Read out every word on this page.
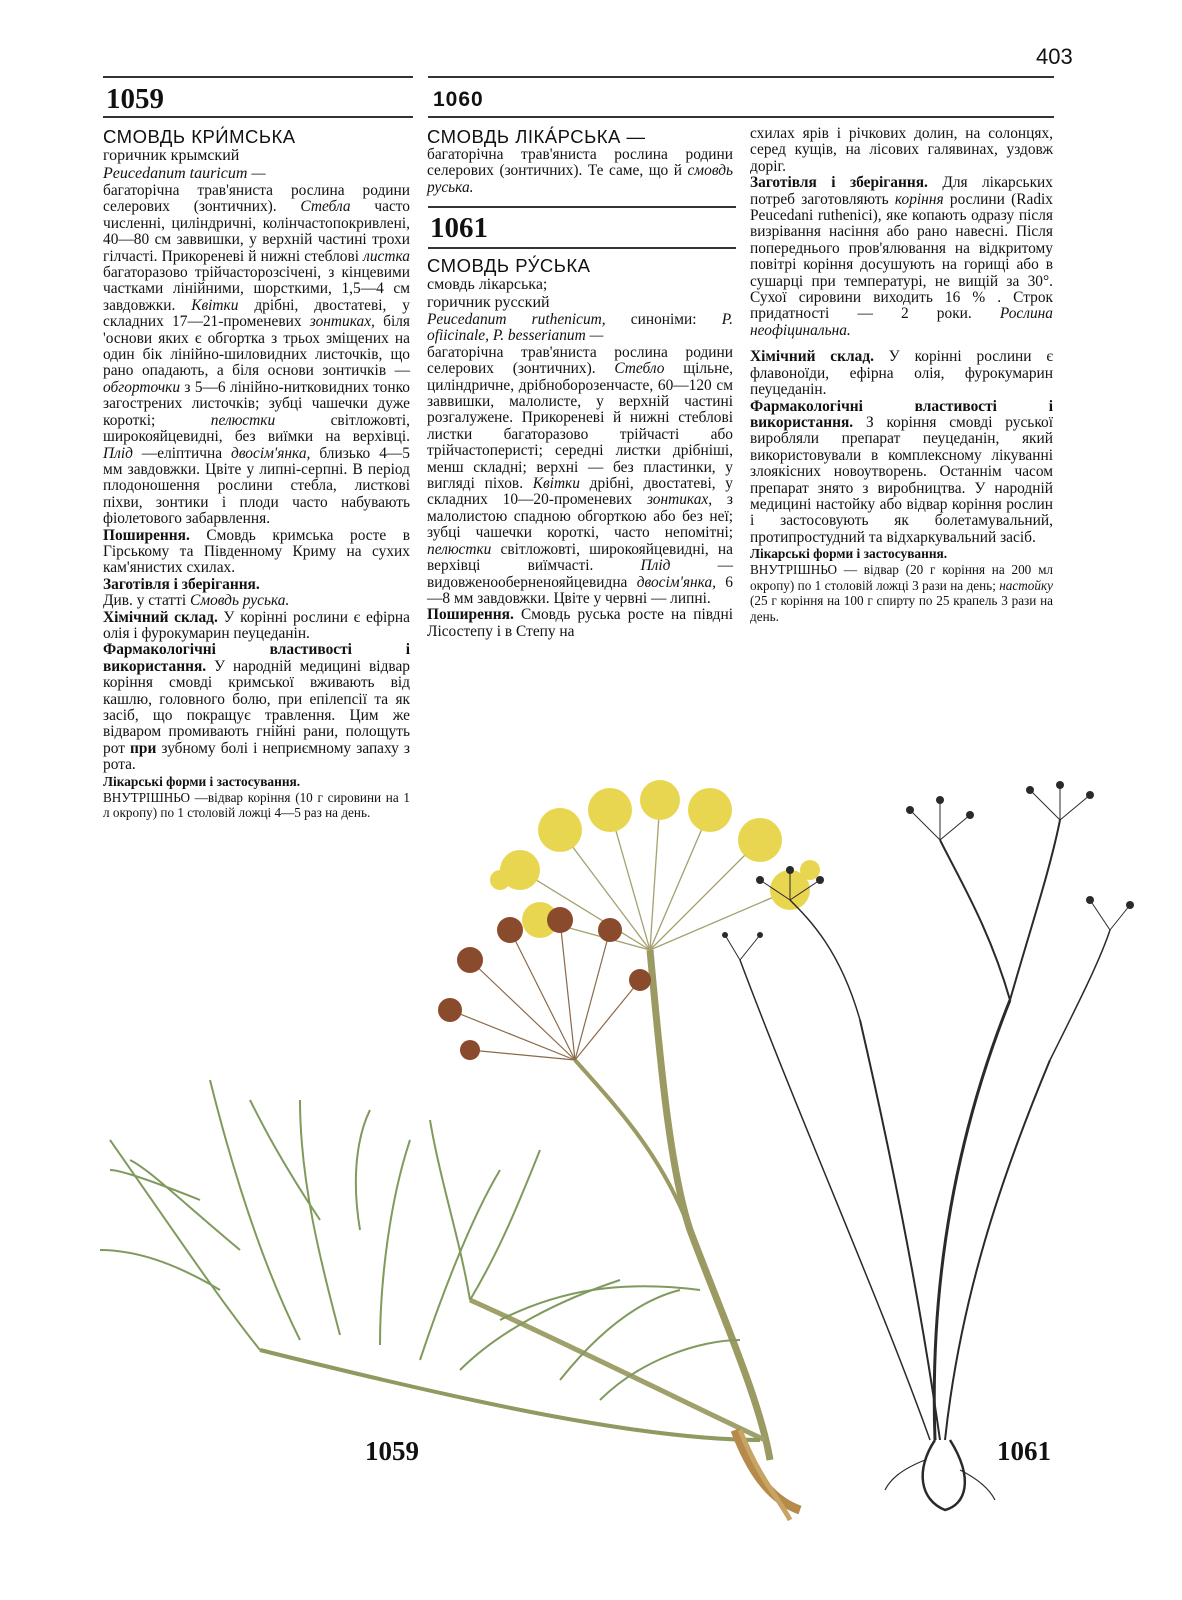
403
1059	1060
1061

СМОВДЬ КРИ́МСЬКА

горичник крымский

Peucedanum tauricum —

багаторічна трав'яниста рослина родини селерових (зонтичних). Стебла часто численні, циліндричні, колінчастопокривлені, 40—80 см заввишки, у верхній частині трохи гілчасті. Прикореневі й нижні стеблові листка багаторазово трійчасторозсічені, з кінцевими частками лінійними, шорсткими, 1,5—4 см завдовжки. Квітки дрібні, двостатеві, у складних 17—21-променевих зонтиках, біля 'основи яких є обгортка з трьох зміщених на один бік лінійно-шиловидних листочків, що рано опадають, а біля основи зонтичків — обгорточки з 5—6 лінійно-нитковидних тонко загострених листочків; зубці чашечки дуже короткі; пелюстки світложовті, широкояйцевидні, без виїмки на верхівці. Плід —еліптична двосім'янка, близько 4—5 мм завдовжки. Цвіте у липні-серпні. В період плодоношення рослини стебла, листкові піхви, зонтики і плоди часто набувають фіолетового забарвлення.

Поширення. Смовдь кримська росте в Гірському та Південному Криму на сухих кам'янистих схилах.

Заготівля і зберігання.

Див. у статті Смовдь руська.

Хімічний склад. У корінні рослини є ефірна олія і фурокумарин пеуцеданін.

Фармакологічні властивості і використання. У народній медицині відвар коріння смовді кримської вживають від кашлю, головного болю, при епілепсії та як засіб, що покращує травлення. Цим же відваром промивають гнійні рани, полощуть рот при зубному болі і неприємному запаху з рота.

Лікарські форми і застосування.

ВНУТРІШНЬО —відвар коріння (10 г сировини на 1 л окропу) по 1 столовій ложці 4—5 раз на день.

СМОВДЬ ЛІКА́РСЬКА —

багаторічна трав'яниста рослина родини селерових (зонтичних). Те саме, що й смовдь руська.

СМОВДЬ РУ́СЬКА

смовдь лікарська;

горичник русский

Peucedanum ruthenicum, синоніми: P. ofiicinale, P. besserianum —

багаторічна трав'яниста рослина родини селерових (зонтичних). Стебло щільне, циліндричне, дрібноборозенчасте, 60—120 см заввишки, малолисте, у верхній частині розгалужене. Прикореневі й нижні стеблові листки багаторазово трійчасті або трійчастоперисті; середні листки дрібніші, менш складні; верхні — без пластинки, у вигляді піхов. Квітки дрібні, двостатеві, у складних 10—20-променевих зонтиках, з малолистою спадною обгорткою або без неї; зубці чашечки короткі, часто непомітні; пелюстки світложовті, широкояйцевидні, на верхівці виїмчасті. Плід — видовженооберненояйцевидна двосім'янка, 6—8 мм завдовжки. Цвіте у червні — липні.

Поширення. Смовдь руська росте на півдні Лісостепу і в Степу на

схилах ярів і річкових долин, на солонцях, серед кущів, на лісових галявинах, уздовж доріг.

Заготівля і зберігання. Для лікарських потреб заготовляють коріння рослини (Radix Peucedani ruthenici), яке копають одразу після визрівання насіння або рано навесні. Після попереднього пров'ялювання на відкритому повітрі коріння досушують на горищі або в сушарці при температурі, не вищій за 30°. Сухої сировини виходить 16 % . Строк придатності — 2 роки. Рослина неофіцинальна.

Хімічний склад. У корінні рослини є флавоноїди, ефірна олія, фурокумарин пеуцеданін.

Фармакологічні властивості і використання. З коріння смовді руської виробляли препарат пеуцеданін, який використовували в комплексному лікуванні злоякісних новоутворень. Останнім часом препарат знято з виробництва. У народній медицині настойку або відвар коріння рослин і застосовують як болетамувальний, протипростудний та відхаркувальний засіб.

Лікарські форми і застосування.

ВНУТРІШНЬО — відвар (20 г коріння на 200 мл окропу) по 1 столовій ложці 3 рази на день; настойку (25 г коріння на 100 г спирту по 25 крапель 3 рази на день.

1059	1061
